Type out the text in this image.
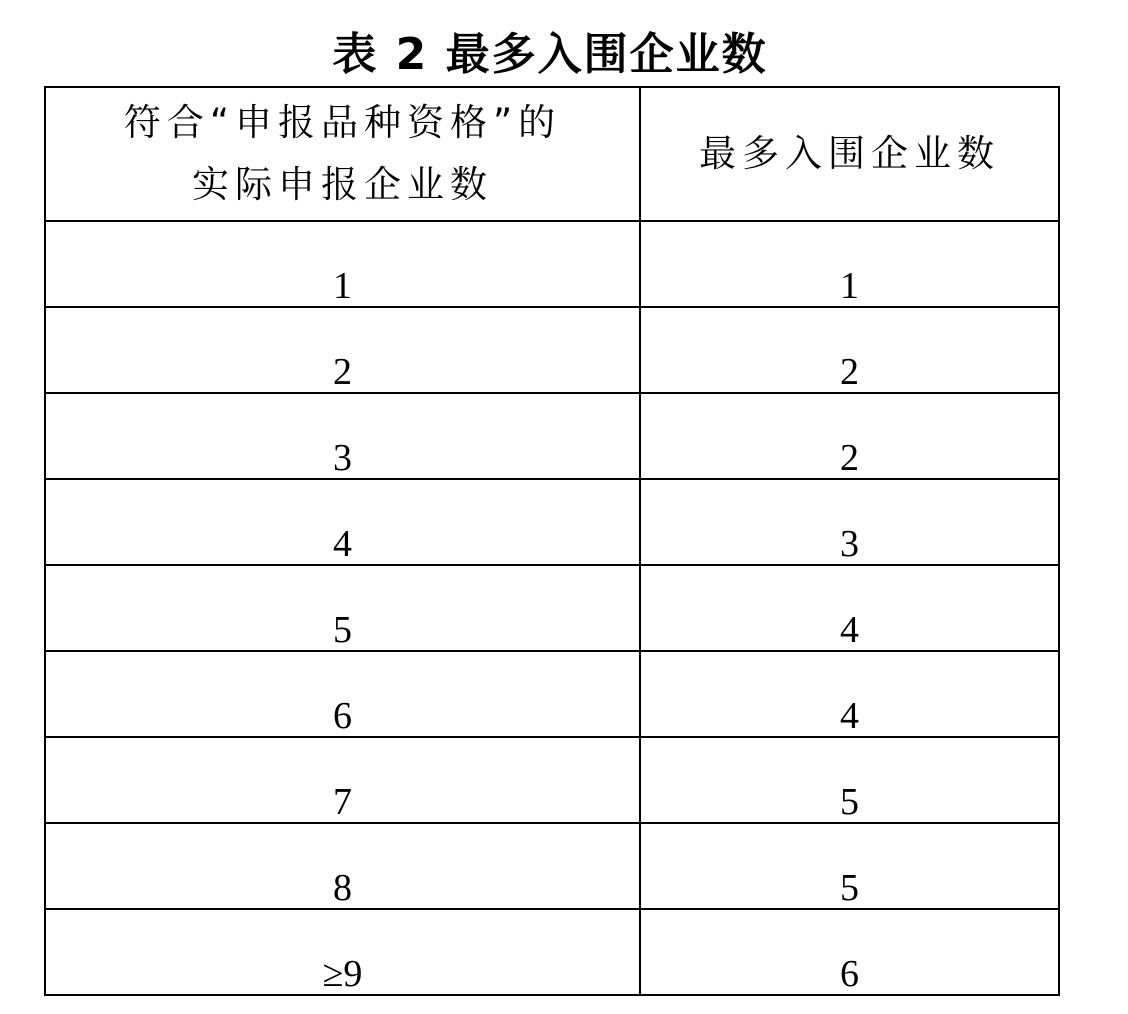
表 2 最多入围企业数
符合“申报品种资格”的实际申报企业数	最多入围企业数
1	1
2	2
3	2
4	3
5	4
6	4
7	5
8	5
≥9	6
